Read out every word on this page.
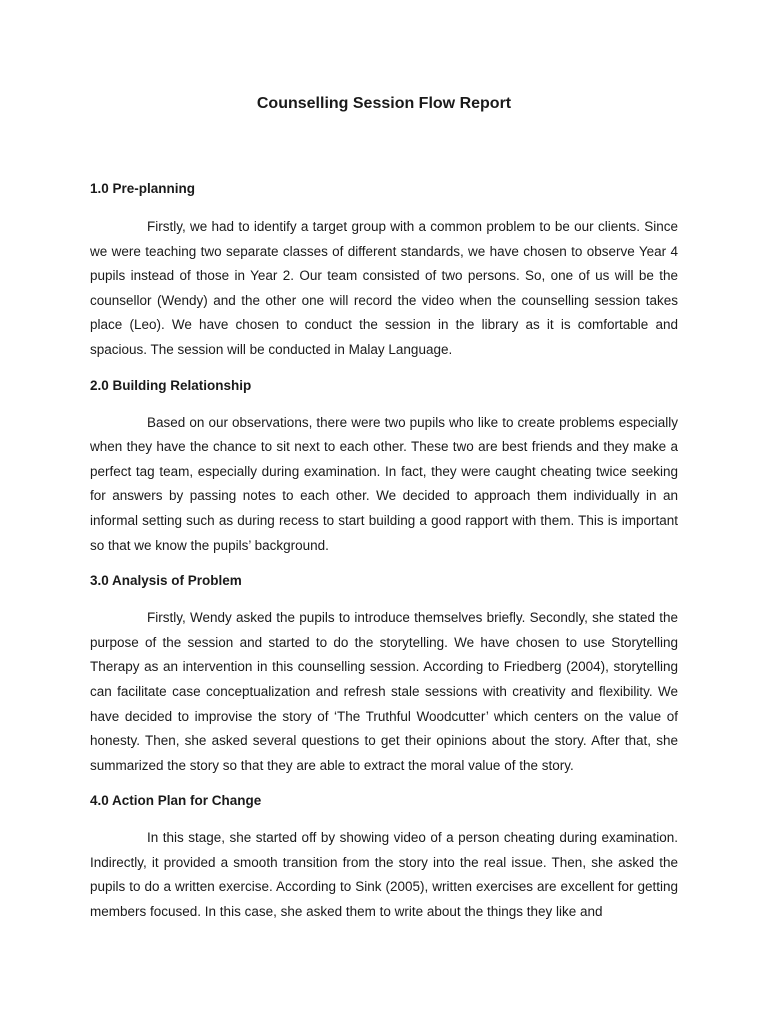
Counselling Session Flow Report

1.0 Pre-planning

Firstly, we had to identify a target group with a common problem to be our clients. Since we were teaching two separate classes of different standards, we have chosen to observe Year 4 pupils instead of those in Year 2. Our team consisted of two persons. So, one of us will be the counsellor (Wendy) and the other one will record the video when the counselling session takes place (Leo). We have chosen to conduct the session in the library as it is comfortable and spacious. The session will be conducted in Malay Language.

2.0 Building Relationship

Based on our observations, there were two pupils who like to create problems especially when they have the chance to sit next to each other. These two are best friends and they make a perfect tag team, especially during examination. In fact, they were caught cheating twice seeking for answers by passing notes to each other. We decided to approach them individually in an informal setting such as during recess to start building a good rapport with them. This is important so that we know the pupils’ background.

3.0 Analysis of Problem

Firstly, Wendy asked the pupils to introduce themselves briefly. Secondly, she stated the purpose of the session and started to do the storytelling. We have chosen to use Storytelling Therapy as an intervention in this counselling session. According to Friedberg (2004), storytelling can facilitate case conceptualization and refresh stale sessions with creativity and flexibility. We have decided to improvise the story of ‘The Truthful Woodcutter’ which centers on the value of honesty. Then, she asked several questions to get their opinions about the story. After that, she summarized the story so that they are able to extract the moral value of the story.

4.0 Action Plan for Change

In this stage, she started off by showing video of a person cheating during examination. Indirectly, it provided a smooth transition from the story into the real issue. Then, she asked the pupils to do a written exercise. According to Sink (2005), written exercises are excellent for getting members focused. In this case, she asked them to write about the things they like and
